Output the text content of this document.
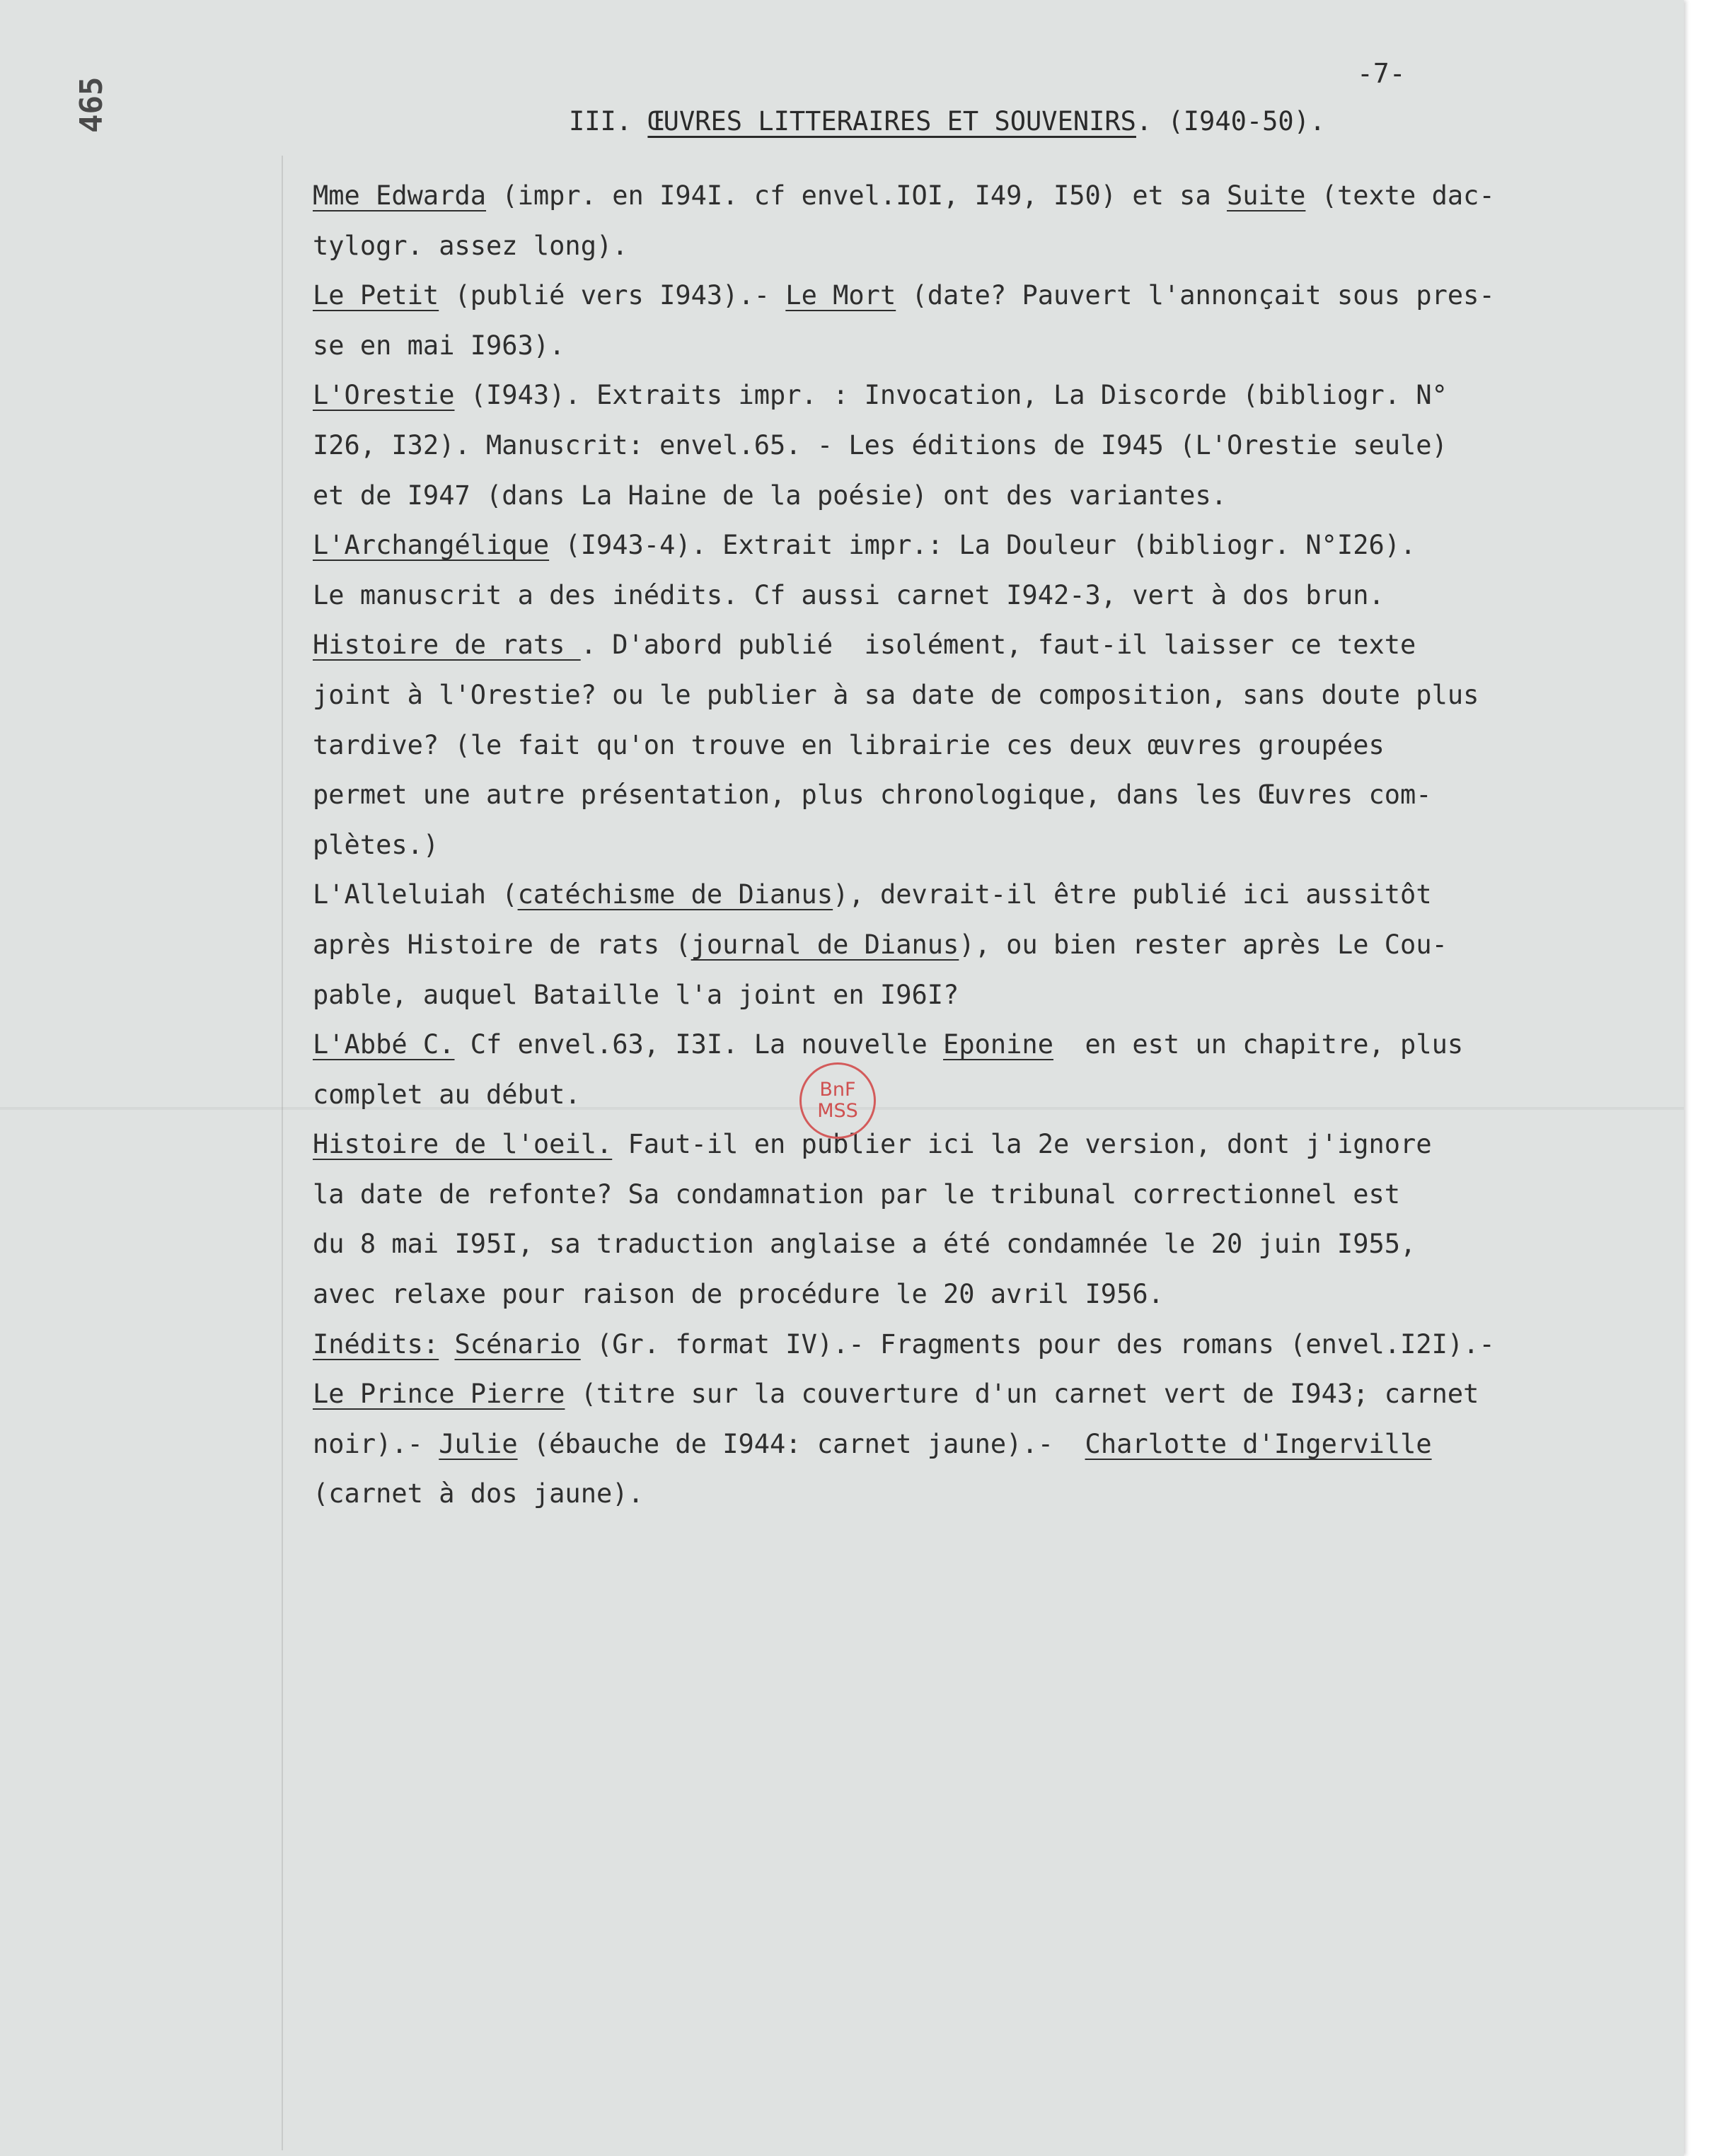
465
-7-
III. ŒUVRES LITTERAIRES ET SOUVENIRS. (I940-50).
Mme Edwarda (impr. en I94I. cf envel.IOI, I49, I50) et sa Suite (texte dac-
tylogr. assez long).
Le Petit (publié vers I943).- Le Mort (date? Pauvert l'annonçait sous pres-
se en mai I963).
L'Orestie (I943). Extraits impr. : Invocation, La Discorde (bibliogr. N°
I26, I32). Manuscrit: envel.65. - Les éditions de I945 (L'Orestie seule)
et de I947 (dans La Haine de la poésie) ont des variantes.
L'Archangélique (I943-4). Extrait impr.: La Douleur (bibliogr. N°I26).
Le manuscrit a des inédits. Cf aussi carnet I942-3, vert à dos brun.
Histoire de rats . D'abord publié  isolément, faut-il laisser ce texte
joint à l'Orestie? ou le publier à sa date de composition, sans doute plus
tardive? (le fait qu'on trouve en librairie ces deux œuvres groupées
permet une autre présentation, plus chronologique, dans les Œuvres com-
plètes.)
L'Alleluiah (catéchisme de Dianus), devrait-il être publié ici aussitôt
après Histoire de rats (journal de Dianus), ou bien rester après Le Cou-
pable, auquel Bataille l'a joint en I96I?
L'Abbé C. Cf envel.63, I3I. La nouvelle Eponine  en est un chapitre, plus
complet au début.
Histoire de l'oeil. Faut-il en publier ici la 2e version, dont j'ignore
la date de refonte? Sa condamnation par le tribunal correctionnel est
du 8 mai I95I, sa traduction anglaise a été condamnée le 20 juin I955,
avec relaxe pour raison de procédure le 20 avril I956.
Inédits: Scénario (Gr. format IV).- Fragments pour des romans (envel.I2I).-
Le Prince Pierre (titre sur la couverture d'un carnet vert de I943; carnet
noir).- Julie (ébauche de I944: carnet jaune).-  Charlotte d'Ingerville
(carnet à dos jaune).
BnF
MSS
